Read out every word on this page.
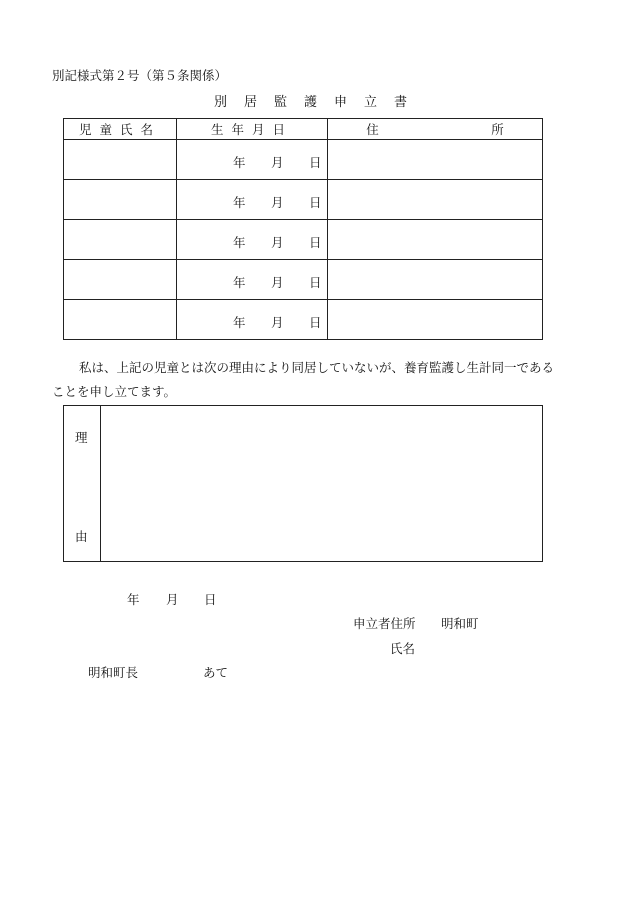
別記様式第２号（第５条関係）
別居監護申立書
児童氏名	生年月日	住　　　　　　　　　所

	年 月 日	

	年 月 日	

	年 月 日	

	年 月 日	

	年 月 日	

私は、上記の児童とは次の理由により同居していないが、養育監護し生計同一である
ことを申し立てます。
理
由
年 月 日
申立者住所 明和町
氏名
明和町長	あて
